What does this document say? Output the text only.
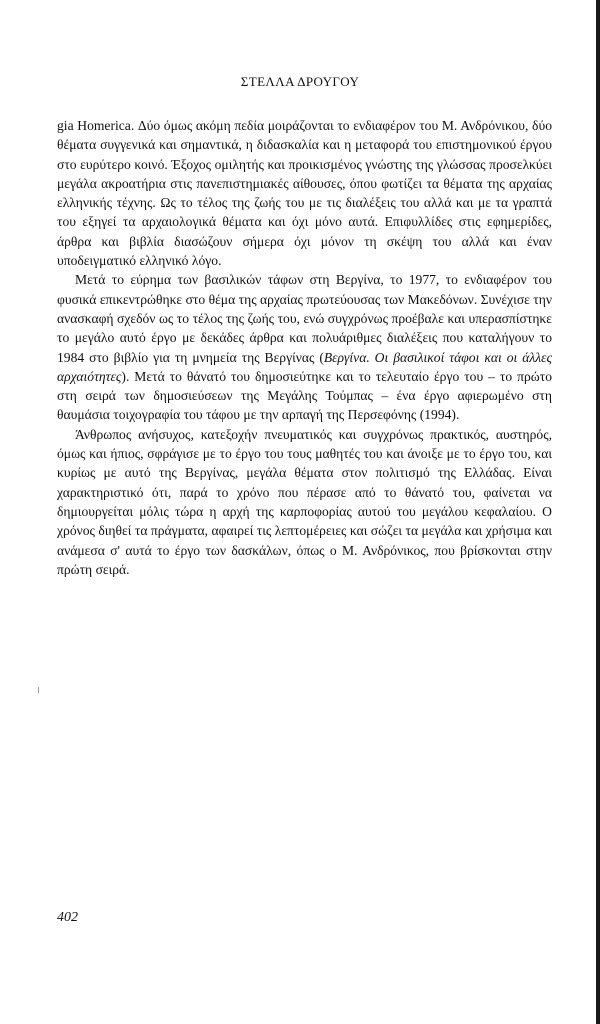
ΣΤΕΛΛΑ ΔΡΟΥΓΟΥ

gia Homerica. Δύο όμως ακόμη πεδία μοιράζονται το ενδιαφέρον του Μ. Ανδρόνικου, δύο θέματα συγγενικά και σημαντικά, η διδασκαλία και η μεταφορά του επιστημονικού έργου στο ευρύτερο κοινό. Έξοχος ομιλητής και προικισμένος γνώστης της γλώσσας προσελκύει μεγάλα ακροατήρια στις πανεπιστημιακές αίθουσες, όπου φωτίζει τα θέματα της αρχαίας ελληνικής τέχνης. Ως το τέλος της ζωής του με τις διαλέξεις του αλλά και με τα γραπτά του εξηγεί τα αρχαιολογικά θέματα και όχι μόνο αυτά. Επιφυλλίδες στις εφημερίδες, άρθρα και βιβλία διασώζουν σήμερα όχι μόνον τη σκέψη του αλλά και έναν υποδειγματικό ελληνικό λόγο.

Μετά το εύρημα των βασιλικών τάφων στη Βεργίνα, το 1977, το ενδιαφέρον του φυσικά επικεντρώθηκε στο θέμα της αρχαίας πρωτεύουσας των Μακεδόνων. Συνέχισε την ανασκαφή σχεδόν ως το τέλος της ζωής του, ενώ συγχρόνως προέβαλε και υπερασπίστηκε το μεγάλο αυτό έργο με δεκάδες άρθρα και πολυάριθμες διαλέξεις που καταλήγουν το 1984 στο βιβλίο για τη μνημεία της Βεργίνας (Βεργίνα. Οι βασιλικοί τάφοι και οι άλλες αρχαιότητες). Μετά το θάνατό του δημοσιεύτηκε και το τελευταίο έργο του – το πρώτο στη σειρά των δημοσιεύσεων της Μεγάλης Τούμπας – ένα έργο αφιερωμένο στη θαυμάσια τοιχογραφία του τάφου με την αρπαγή της Περσεφόνης (1994).

Άνθρωπος ανήσυχος, κατεξοχήν πνευματικός και συγχρόνως πρακτικός, αυστηρός, όμως και ήπιος, σφράγισε με το έργο του τους μαθητές του και άνοιξε με το έργο του, και κυρίως με αυτό της Βεργίνας, μεγάλα θέματα στον πολιτισμό της Ελλάδας. Είναι χαρακτηριστικό ότι, παρά το χρόνο που πέρασε από το θάνατό του, φαίνεται να δημιουργείται μόλις τώρα η αρχή της καρποφορίας αυτού του μεγάλου κεφαλαίου. Ο χρόνος διηθεί τα πράγματα, αφαιρεί τις λεπτομέρειες και σώζει τα μεγάλα και χρήσιμα και ανάμεσα σ' αυτά το έργο των δασκάλων, όπως ο Μ. Ανδρόνικος, που βρίσκονται στην πρώτη σειρά.

402
